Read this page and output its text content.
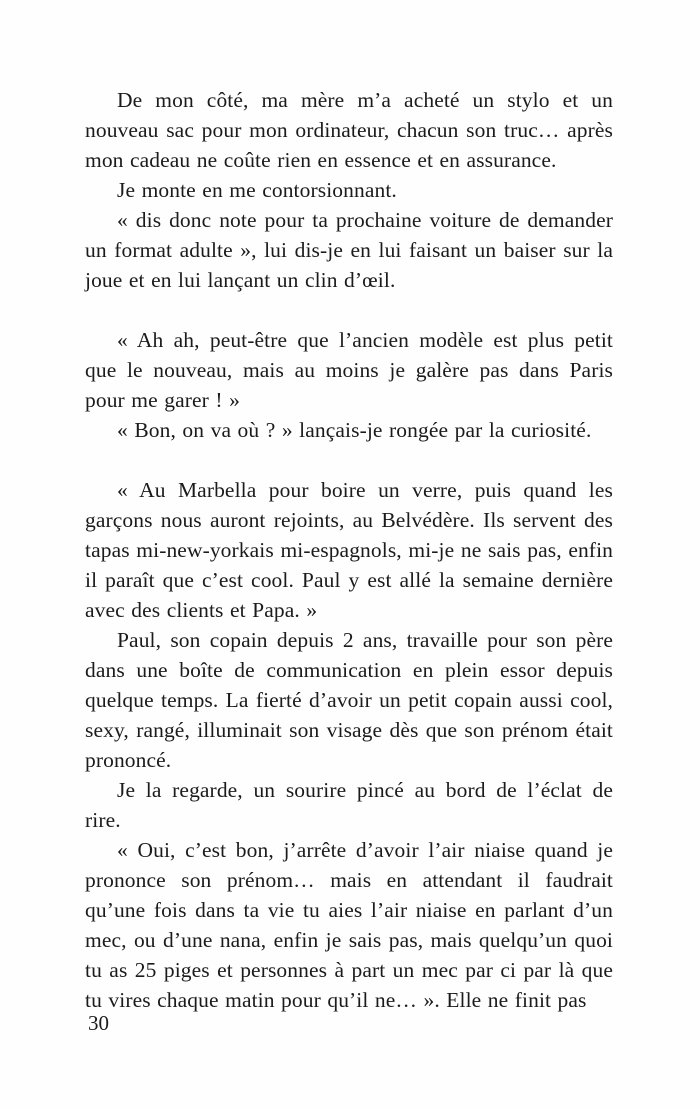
De mon côté, ma mère m’a acheté un stylo et un nouveau sac pour mon ordinateur, chacun son truc… après mon cadeau ne coûte rien en essence et en assurance.

Je monte en me contorsionnant.

« dis donc note pour ta prochaine voiture de demander un format adulte », lui dis-je en lui faisant un baiser sur la joue et en lui lançant un clin d’œil.

« Ah ah, peut-être que l’ancien modèle est plus petit que le nouveau, mais au moins je galère pas dans Paris pour me garer ! »

« Bon, on va où ? » lançais-je rongée par la curiosité.

« Au Marbella pour boire un verre, puis quand les garçons nous auront rejoints, au Belvédère. Ils servent des tapas mi-new-yorkais mi-espagnols, mi-je ne sais pas, enfin il paraît que c’est cool. Paul y est allé la semaine dernière avec des clients et Papa. »

Paul, son copain depuis 2 ans, travaille pour son père dans une boîte de communication en plein essor depuis quelque temps. La fierté d’avoir un petit copain aussi cool, sexy, rangé, illuminait son visage dès que son prénom était prononcé.

Je la regarde, un sourire pincé au bord de l’éclat de rire.

« Oui, c’est bon, j’arrête d’avoir l’air niaise quand je prononce son prénom… mais en attendant il faudrait qu’une fois dans ta vie tu aies l’air niaise en parlant d’un mec, ou d’une nana, enfin je sais pas, mais quelqu’un quoi tu as 25 piges et personnes à part un mec par ci par là que tu vires chaque matin pour qu’il ne… ». Elle ne finit pas

30
